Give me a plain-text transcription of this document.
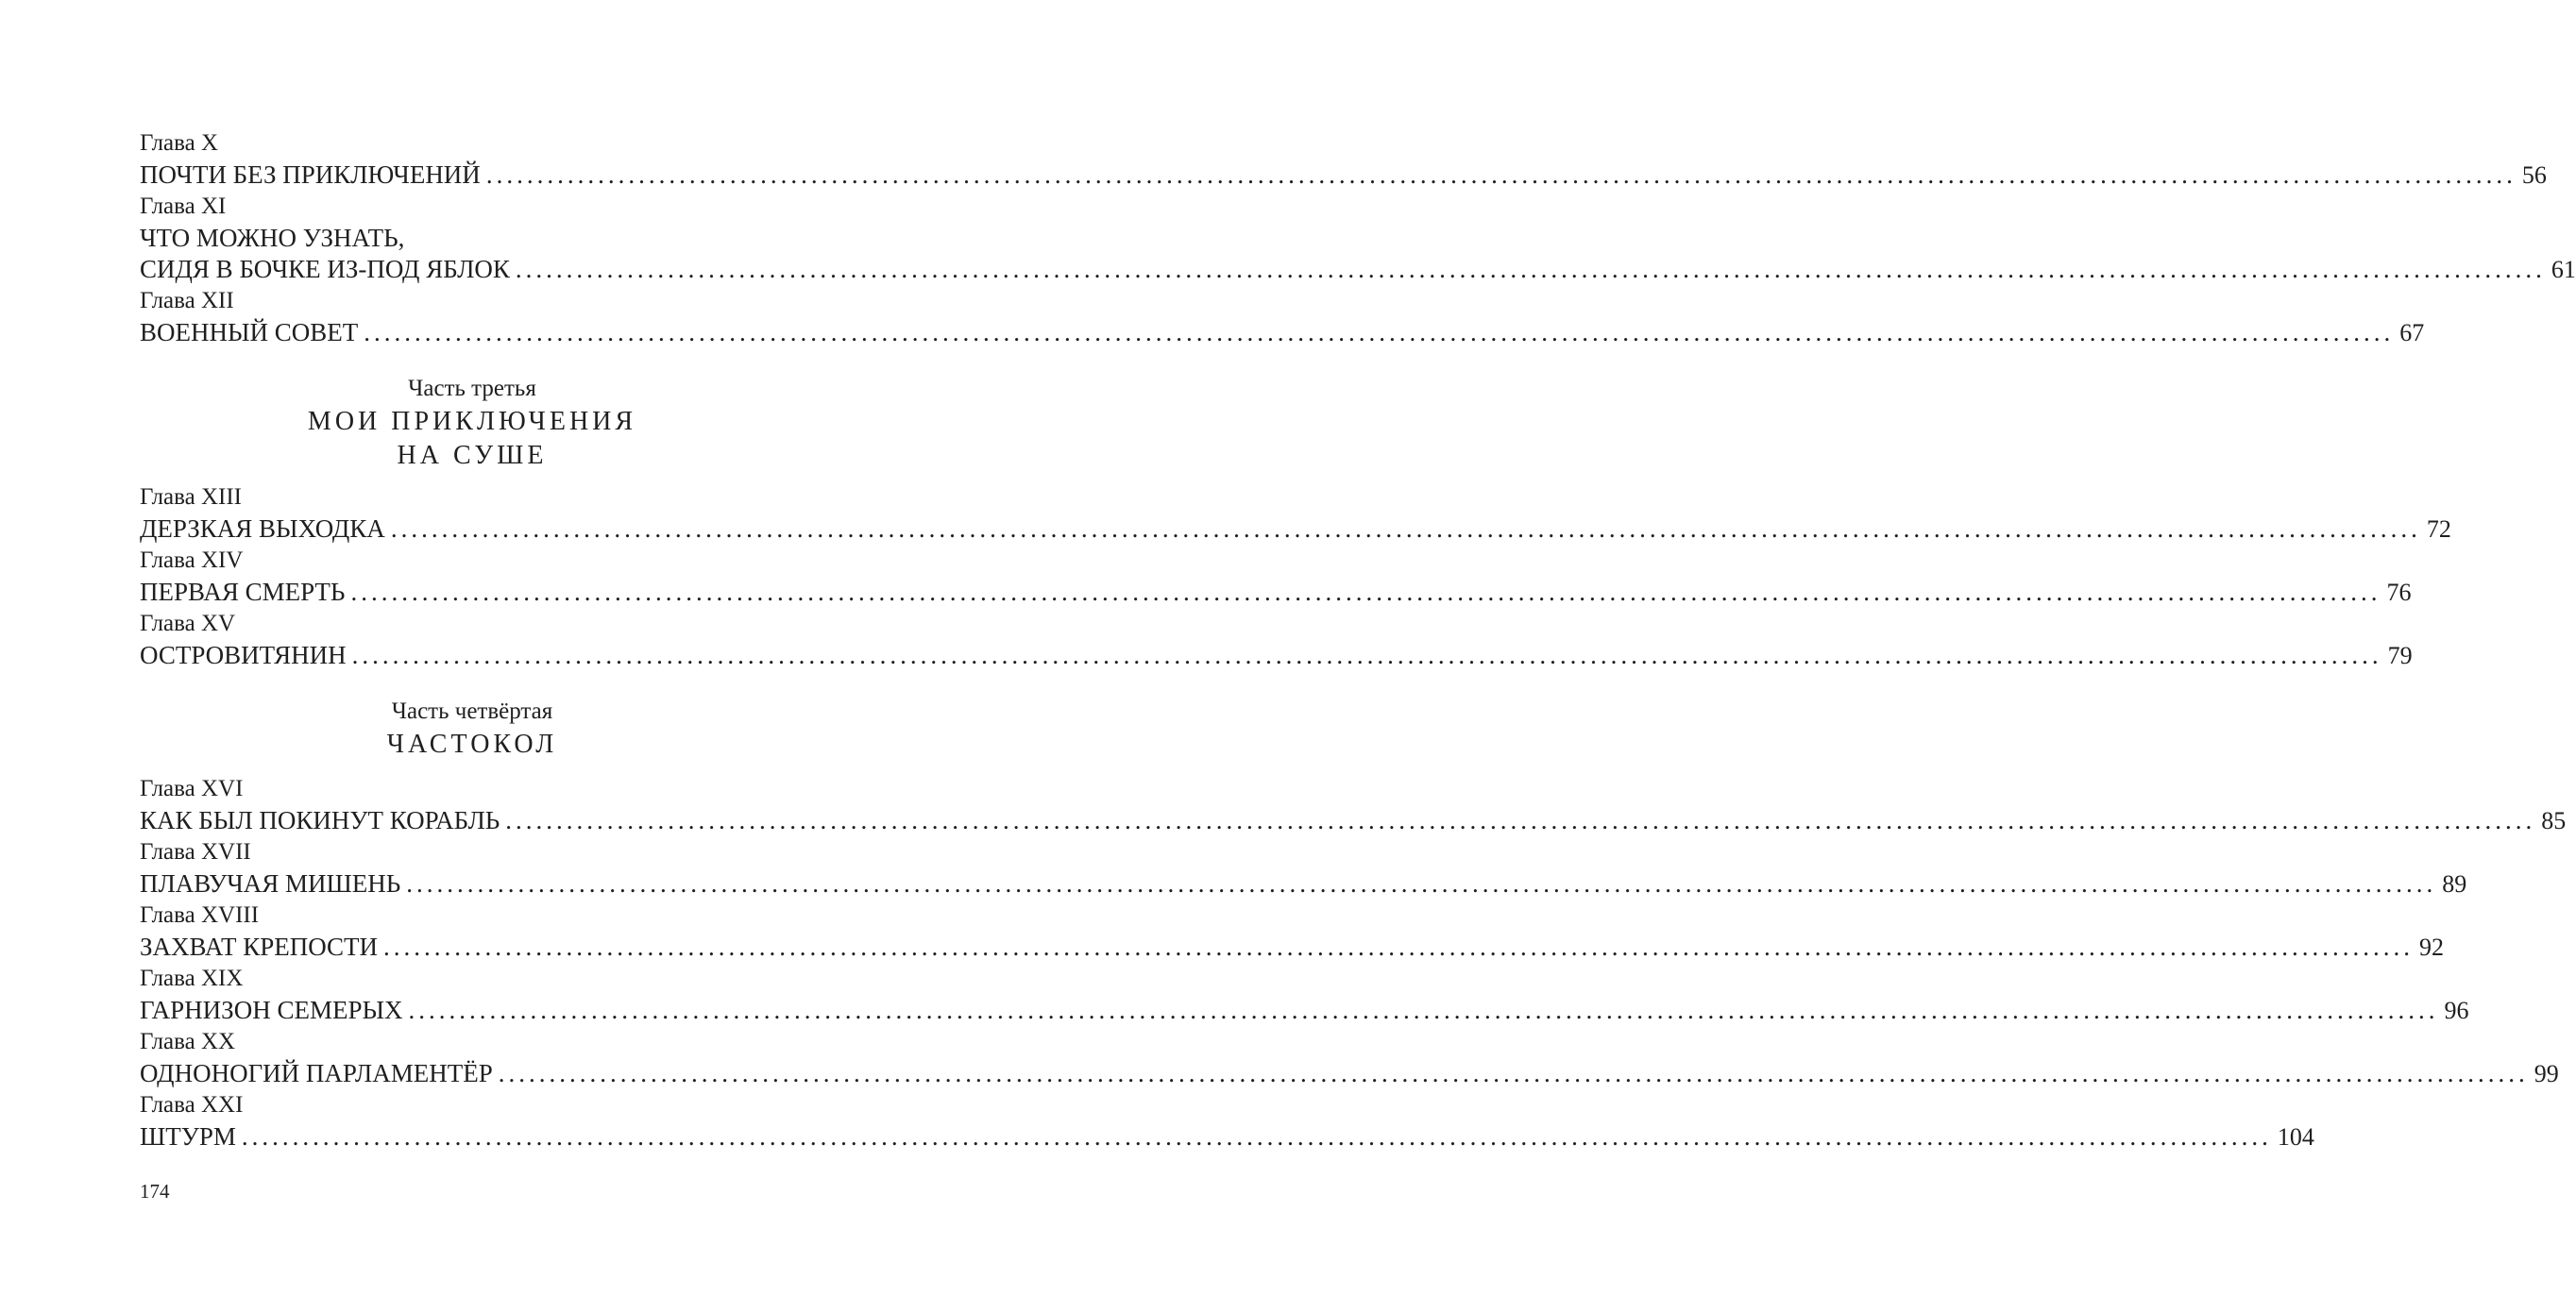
Глава X
ПОЧТИ БЕЗ ПРИКЛЮЧЕНИЙ ........................................................................................................................................................................................................ 56
Глава XI
ЧТО МОЖНО УЗНАТЬ,
СИДЯ В БОЧКЕ ИЗ-ПОД ЯБЛОК ........................................................................................................................................................................................................ 61
Глава XII
ВОЕННЫЙ СОВЕТ ........................................................................................................................................................................................................ 67
Часть третья
МОИ ПРИКЛЮЧЕНИЯ
НА СУШЕ
Глава XIII
ДЕРЗКАЯ ВЫХОДКА ........................................................................................................................................................................................................ 72
Глава XIV
ПЕРВАЯ СМЕРТЬ ........................................................................................................................................................................................................ 76
Глава XV
ОСТРОВИТЯНИН ........................................................................................................................................................................................................ 79
Часть четвёртая
ЧАСТОКОЛ
Глава XVI
КАК БЫЛ ПОКИНУТ КОРАБЛЬ ........................................................................................................................................................................................................ 85
Глава XVII
ПЛАВУЧАЯ МИШЕНЬ ........................................................................................................................................................................................................ 89
Глава XVIII
ЗАХВАТ КРЕПОСТИ ........................................................................................................................................................................................................ 92
Глава XIX
ГАРНИЗОН СЕМЕРЫХ ........................................................................................................................................................................................................ 96
Глава XX
ОДНОНОГИЙ ПАРЛАМЕНТЁР ........................................................................................................................................................................................................ 99
Глава XXI
ШТУРМ ........................................................................................................................................................................................................ 104
174
